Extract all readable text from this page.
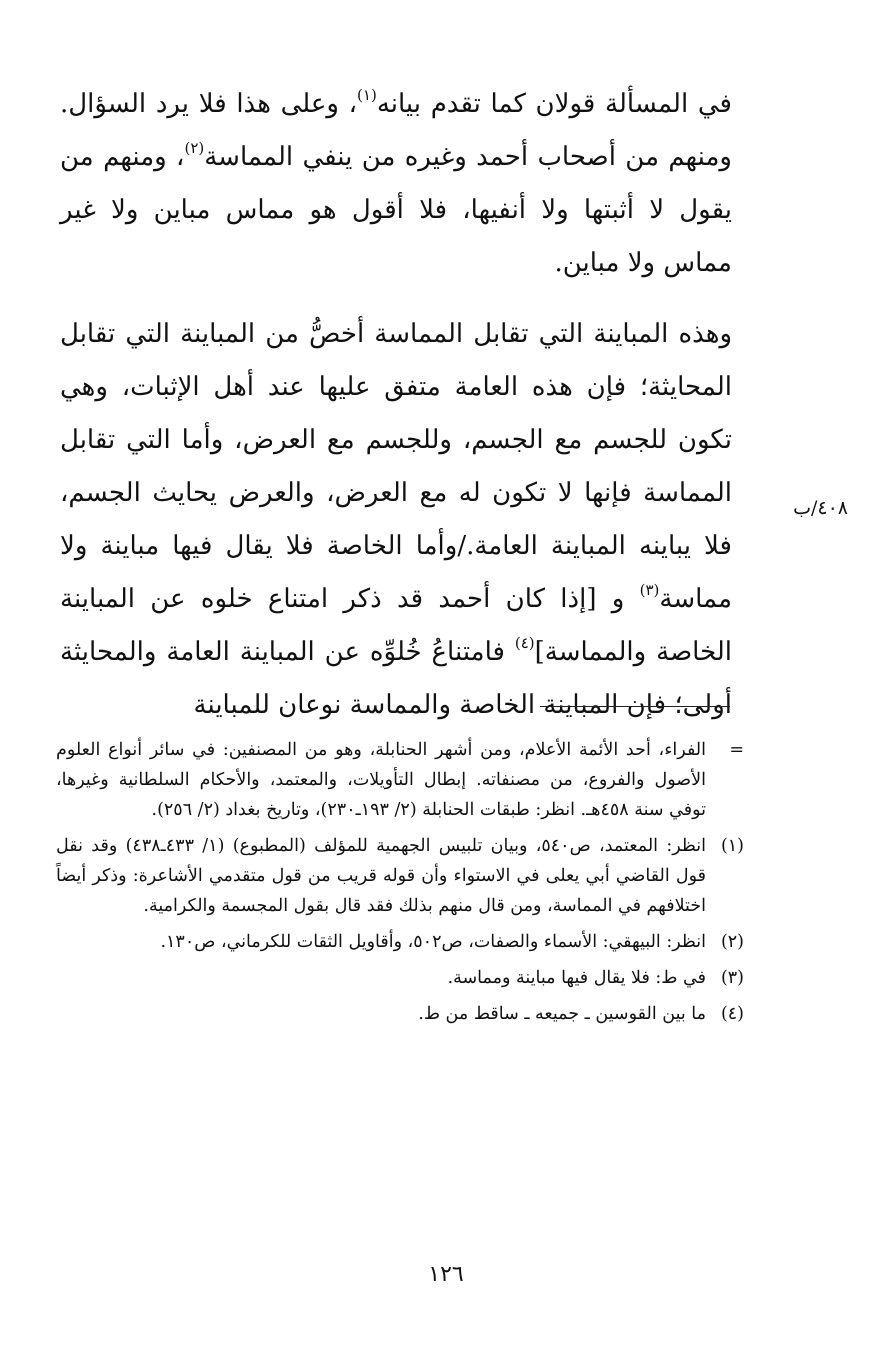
في المسألة قولان كما تقدم بيانه$^{(١)}$، وعلى هذا فلا يرد السؤال. ومنهم من أصحاب أحمد وغيره من ينفي المماسة$^{(٢)}$، ومنهم من يقول لا أثبتها ولا أنفيها، فلا أقول هو مماس مباين ولا غير مماس ولا مباين.

وهذه المباينة التي تقابل المماسة أخصُّ من المباينة التي تقابل المحايثة؛ فإن هذه العامة متفق عليها عند أهل الإثبات، وهي تكون للجسم مع الجسم، وللجسم مع العرض، وأما التي تقابل المماسة فإنها لا تكون له مع العرض، والعرض يحايث الجسم، فلا يباينه المباينة العامة./وأما الخاصة فلا يقال فيها مباينة ولا مماسة$^{(٣)}$ و [إذا كان أحمد قد ذكر امتناع خلوه عن المباينة الخاصة والمماسة]$^{(٤)}$ فامتناعُ خُلوِّه عن المباينة العامة والمحايثة أولى؛ فإن المباينة الخاصة والمماسة نوعان للمباينة

٤٠٨/ب
=
الفراء، أحد الأئمة الأعلام، ومن أشهر الحنابلة، وهو من المصنفين: في سائر أنواع العلوم الأصول والفروع، من مصنفاته. إبطال التأويلات، والمعتمد، والأحكام السلطانية وغيرها، توفي سنة ٤٥٨هـ. انظر: طبقات الحنابلة (٢/ ١٩٣ـ٢٣٠)، وتاريخ بغداد (٢/ ٢٥٦).
(١)
انظر: المعتمد، ص٥٤٠، وبيان تلبيس الجهمية للمؤلف (المطبوع) (١/ ٤٣٣ـ٤٣٨) وقد نقل قول القاضي أبي يعلى في الاستواء وأن قوله قريب من قول متقدمي الأشاعرة: وذكر أيضاً اختلافهم في المماسة، ومن قال منهم بذلك فقد قال بقول المجسمة والكرامية.
(٢)
انظر: البيهقي: الأسماء والصفات، ص٥٠٢، وأقاويل الثقات للكرماني، ص١٣٠.
(٣)
في ط: فلا يقال فيها مباينة ومماسة.
(٤)
ما بين القوسين ـ جميعه ـ ساقط من ط.
١٢٦
